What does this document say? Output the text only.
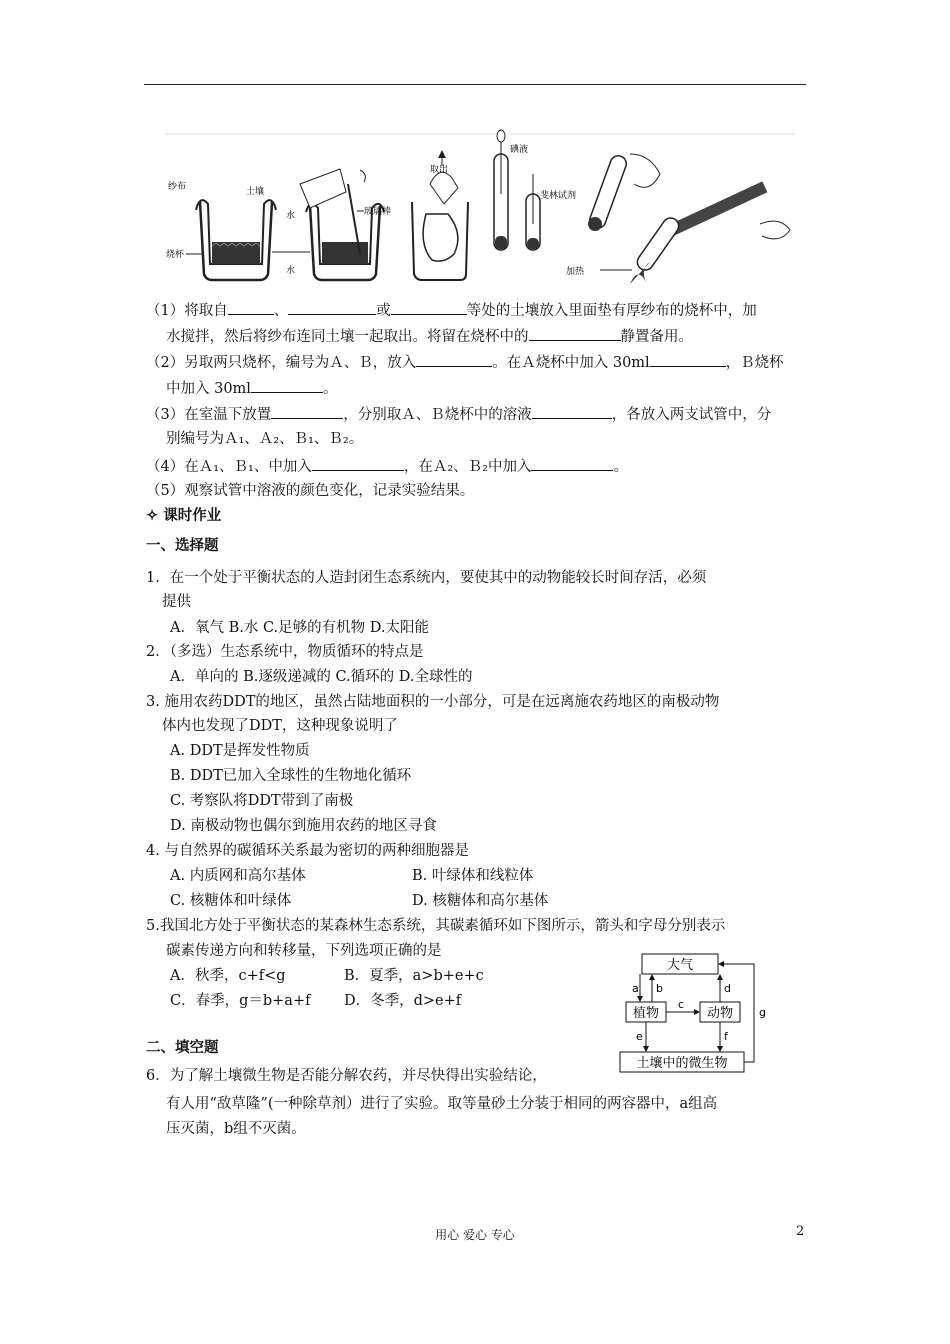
纱布	土壤
烧杯
水
水
玻璃棒
取出
碘液
斐林试剂
加热
（1）将取自	、	或	等处的土壤放入里面垫有厚纱布的烧杯中，加
水搅拌，然后将纱布连同土壤一起取出。将留在烧杯中的	静置备用。
（2）另取两只烧杯，编号为Ａ、Ｂ，放入	。在Ａ烧杯中加入 30ml	，Ｂ烧杯
中加入 30ml	。
（3）在室温下放置	，分别取Ａ、Ｂ烧杯中的溶液	，各放入两支试管中，分
别编号为Ａ₁、Ａ₂、Ｂ₁、Ｂ₂。
（4）在Ａ₁、Ｂ₁、中加入	，在Ａ₂、Ｂ₂中加入	。
（5）观察试管中溶液的颜色变化，记录实验结果。
✧ 课时作业
一、选择题
1．在一个处于平衡状态的人造封闭生态系统内，要使其中的动物能较长时间存活，必须
提供
A．氧气 B.水 C.足够的有机物 D.太阳能
2．（多选）生态系统中，物质循环的特点是
A．单向的 B.逐级递减的 C.循环的 D.全球性的
3. 施用农药DDT的地区，虽然占陆地面积的一小部分，可是在远离施农药地区的南极动物
体内也发现了DDT，这种现象说明了
A. DDT是挥发性物质
B. DDT已加入全球性的生物地化循环
C. 考察队将DDT带到了南极
D. 南极动物也偶尔到施用农药的地区寻食
4. 与自然界的碳循环关系最为密切的两种细胞器是
A. 内质网和高尔基体	B. 叶绿体和线粒体
C. 核糖体和叶绿体	D. 核糖体和高尔基体
5.我国北方处于平衡状态的某森林生态系统，其碳素循环如下图所示，箭头和字母分别表示
碳素传递方向和转移量，下列选项正确的是
A．秋季，c+f<g	B．夏季，a>b+e+c
C．春季，g＝b+a+f D．冬季，d>e+f
大气
植物	动物
土壤中的微生物
a b	d
c
e	f
g
二、填空题
6．为了解土壤微生物是否能分解农药，并尽快得出实验结论，
有人用“敌草隆”(一种除草剂）进行了实验。取等量砂土分装于相同的两容器中，a组高
压灭菌，b组不灭菌。
用心 爱心 专心	2
